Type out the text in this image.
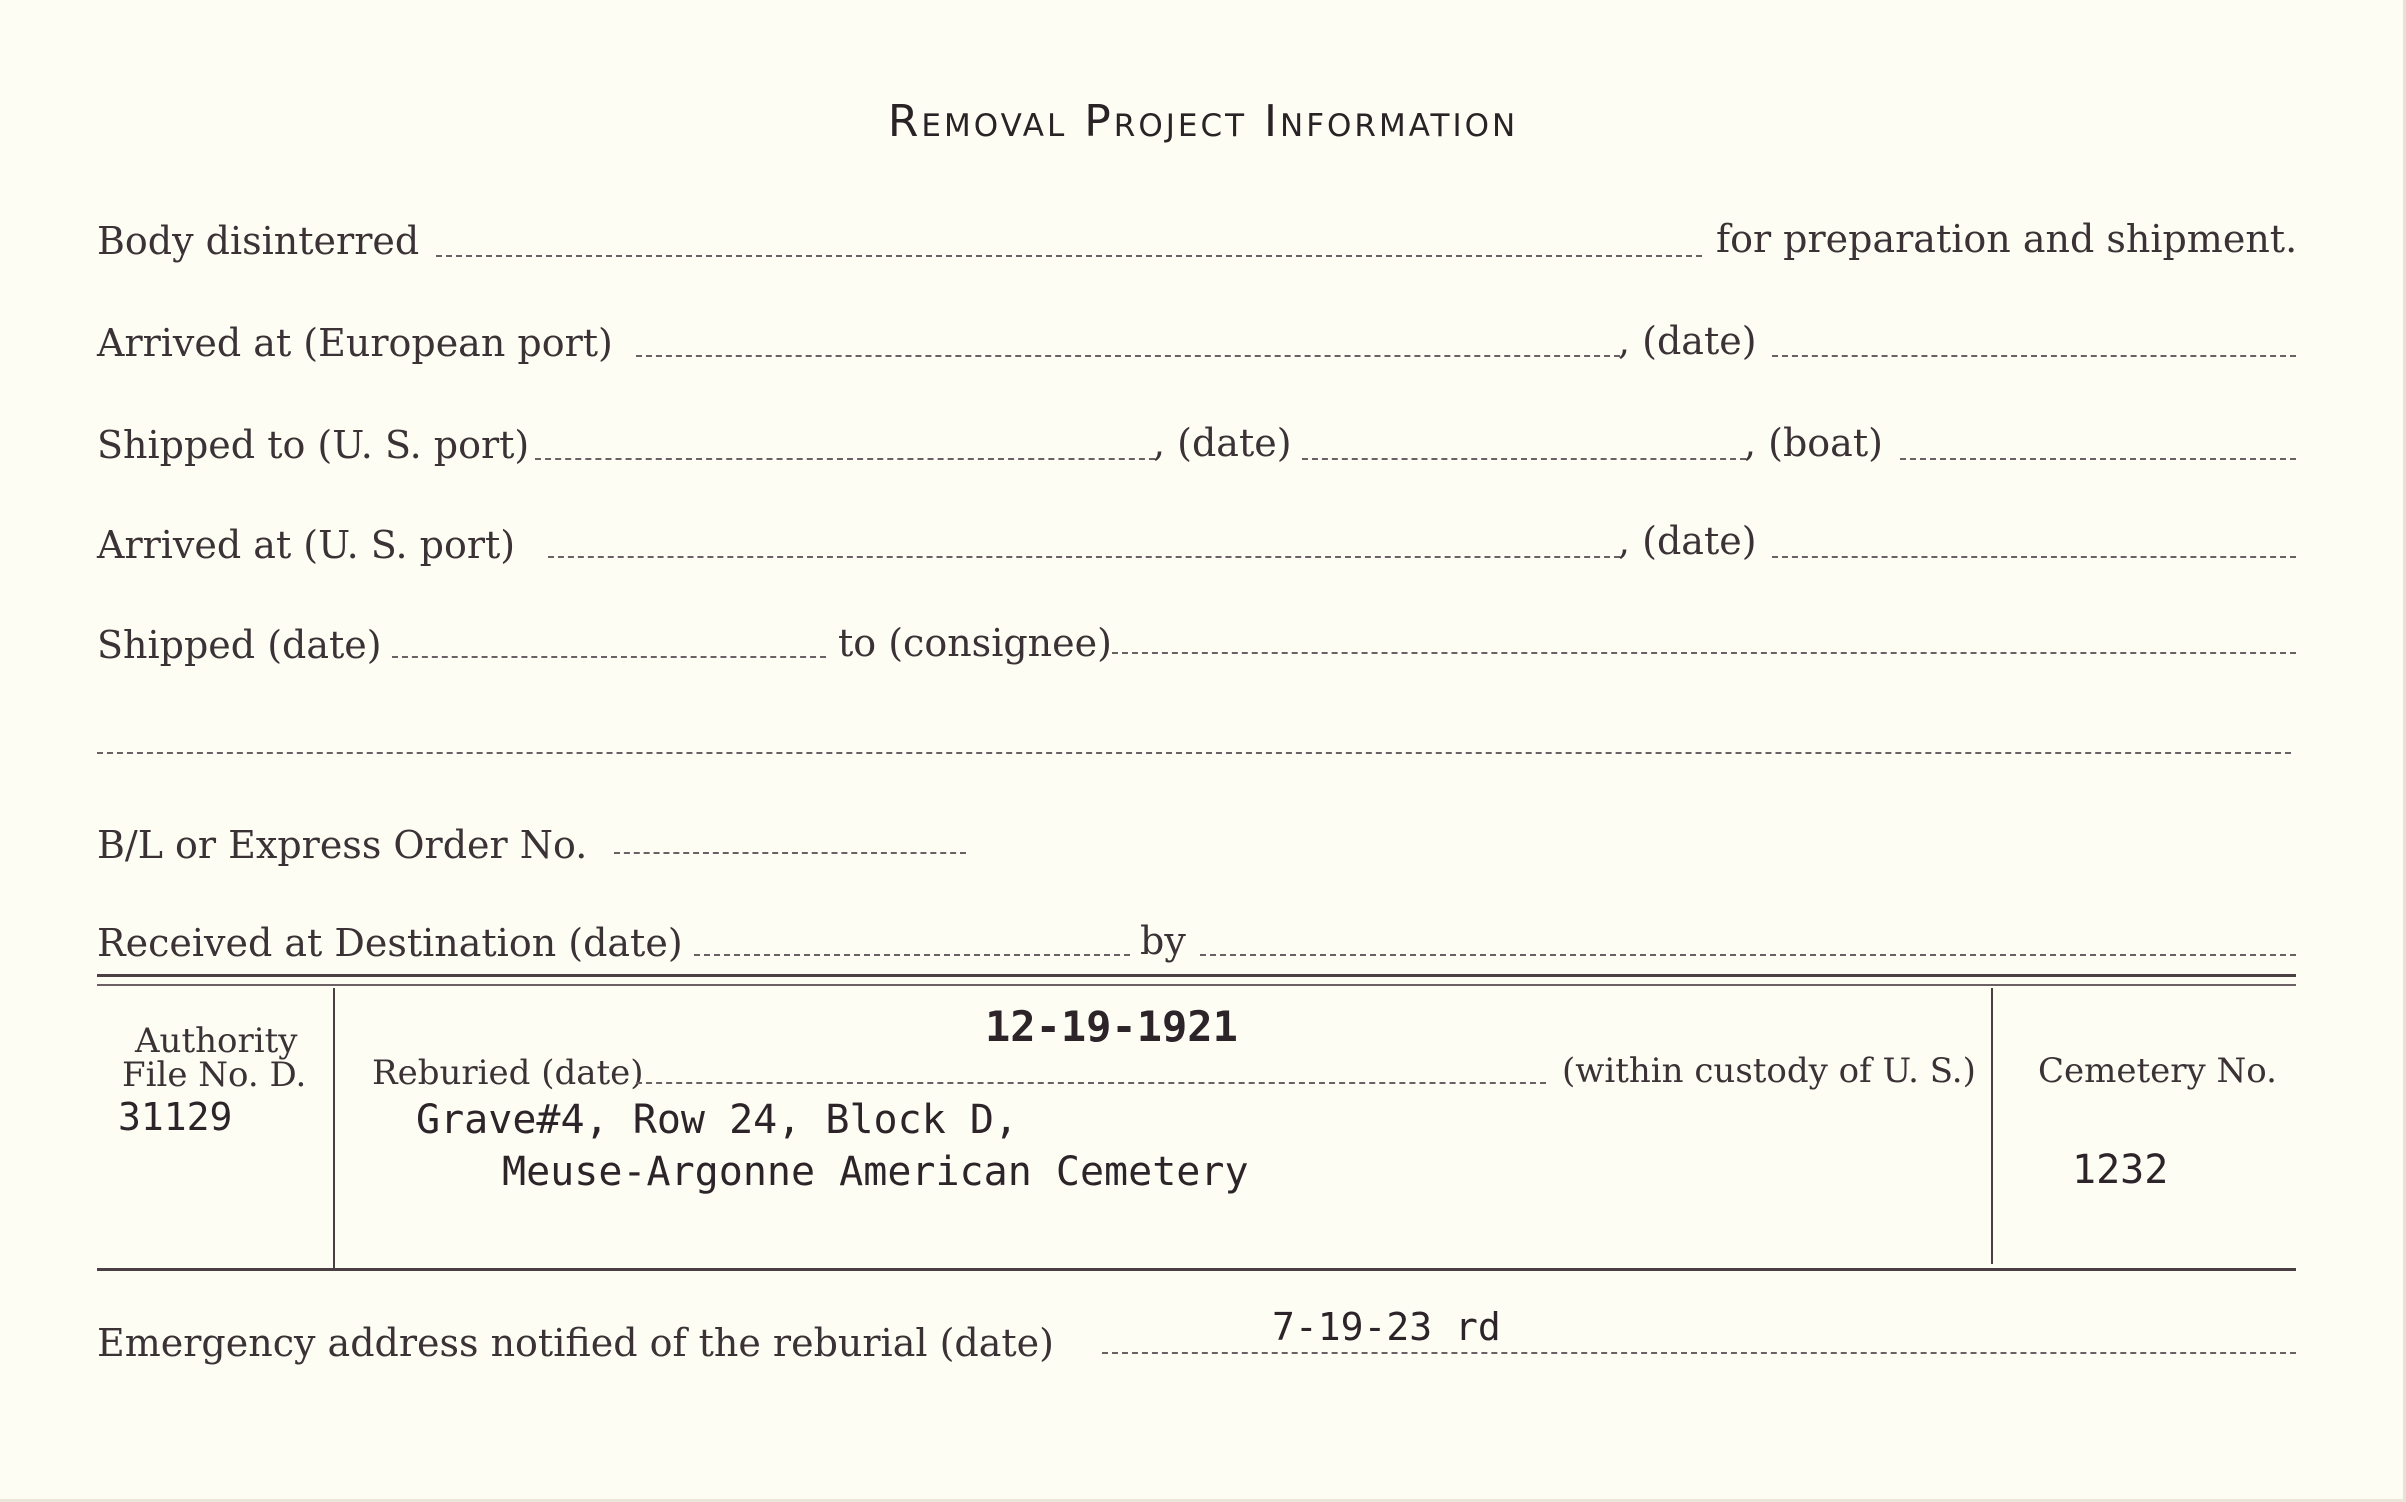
Removal Project Information
Body disinterred	for preparation and shipment.
Arrived at (European port)	, (date)
Shipped to (U. S. port)	, (date)	, (boat)
Arrived at (U. S. port)	, (date)
Shipped (date)	to (consignee)
B/L or Express Order No.
Received at Destination (date)	by
Authority
File No. D.
31129
12-19-1921
Reburied (date)	(within custody of U. S.)
Grave#4, Row 24, Block D,
Meuse-Argonne American Cemetery
Cemetery No.
1232
Emergency address notified of the reburial (date)	7-19-23 rd
